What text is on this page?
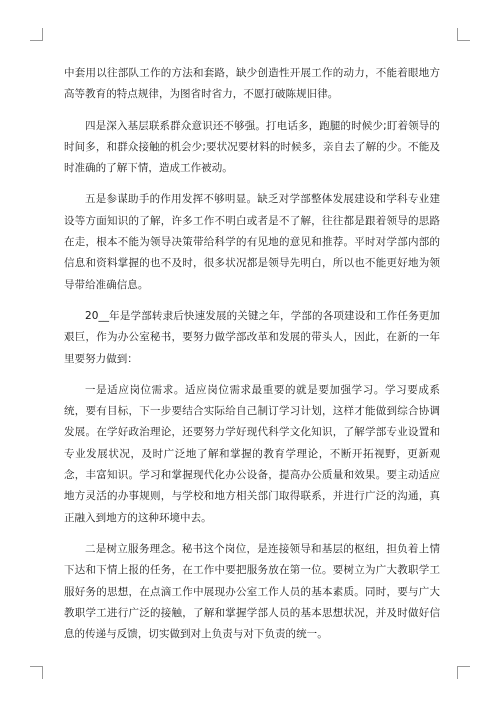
中套用以往部队工作的方法和套路，缺少创造性开展工作的动力，不能着眼地方高等教育的特点规律，为图省时省力，不愿打破陈规旧律。

四是深入基层联系群众意识还不够强。打电话多，跑腿的时候少;盯着领导的时间多，和群众接触的机会少;要状况要材料的时候多，亲自去了解的少。不能及时准确的了解下情，造成工作被动。

五是参谋助手的作用发挥不够明显。缺乏对学部整体发展建设和学科专业建设等方面知识的了解，许多工作不明白或者是不了解，往往都是跟着领导的思路在走，根本不能为领导决策带给科学的有见地的意见和推荐。平时对学部内部的信息和资料掌握的也不及时，很多状况都是领导先明白，所以也不能更好地为领导带给准确信息。

20__年是学部转隶后快速发展的关键之年，学部的各项建设和工作任务更加艰巨，作为办公室秘书，要努力做学部改革和发展的带头人，因此，在新的一年里要努力做到：

一是适应岗位需求。适应岗位需求最重要的就是要加强学习。学习要成系统，要有目标，下一步要结合实际给自己制订学习计划，这样才能做到综合协调发展。在学好政治理论，还要努力学好现代科学文化知识，了解学部专业设置和专业发展状况，及时广泛地了解和掌握的教育学理论，不断开拓视野，更新观念，丰富知识。学习和掌握现代化办公设备，提高办公质量和效果。要主动适应地方灵活的办事规则，与学校和地方相关部门取得联系，并进行广泛的沟通，真正融入到地方的这种环境中去。

二是树立服务理念。秘书这个岗位，是连接领导和基层的枢纽，担负着上情下达和下情上报的任务，在工作中要把服务放在第一位。要树立为广大教职学工服好务的思想，在点滴工作中展现办公室工作人员的基本素质。同时，要与广大教职学工进行广泛的接触，了解和掌握学部人员的基本思想状况，并及时做好信息的传递与反馈，切实做到对上负责与对下负责的统一。
